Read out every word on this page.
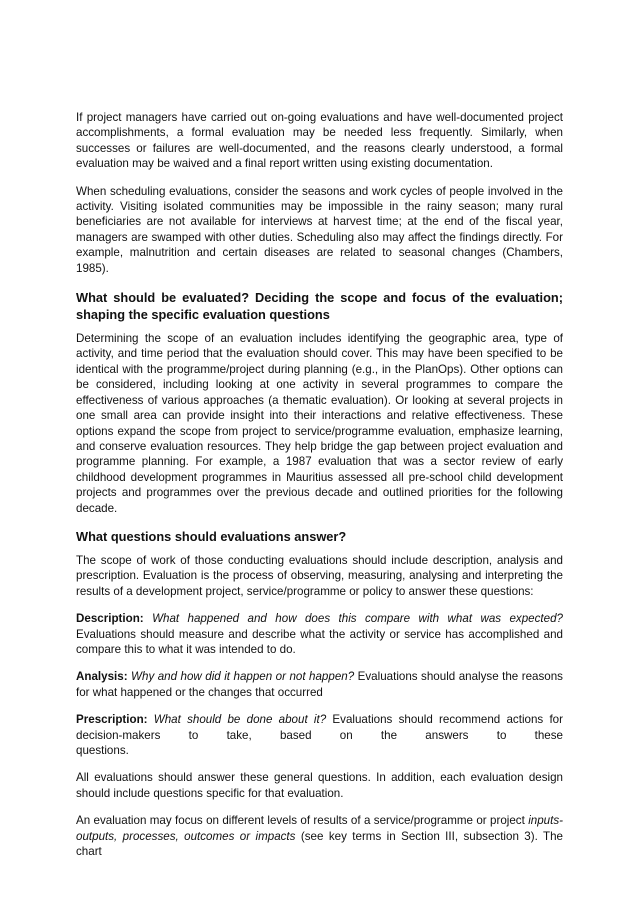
If project managers have carried out on-going evaluations and have well-documented project accomplishments, a formal evaluation may be needed less frequently. Similarly, when successes or failures are well-documented, and the reasons clearly understood, a formal evaluation may be waived and a final report written using existing documentation.

When scheduling evaluations, consider the seasons and work cycles of people involved in the activity. Visiting isolated communities may be impossible in the rainy season; many rural beneficiaries are not available for interviews at harvest time; at the end of the fiscal year, managers are swamped with other duties. Scheduling also may affect the findings directly. For example, malnutrition and certain diseases are related to seasonal changes (Chambers, 1985).

What should be evaluated? Deciding the scope and focus of the evaluation; shaping the specific evaluation questions

Determining the scope of an evaluation includes identifying the geographic area, type of activity, and time period that the evaluation should cover. This may have been specified to be identical with the programme/project during planning (e.g., in the PlanOps). Other options can be considered, including looking at one activity in several programmes to compare the effectiveness of various approaches (a thematic evaluation). Or looking at several projects in one small area can provide insight into their interactions and relative effectiveness. These options expand the scope from project to service/programme evaluation, emphasize learning, and conserve evaluation resources. They help bridge the gap between project evaluation and programme planning. For example, a 1987 evaluation that was a sector review of early childhood development programmes in Mauritius assessed all pre-school child development projects and programmes over the previous decade and outlined priorities for the following decade.

What questions should evaluations answer?

The scope of work of those conducting evaluations should include description, analysis and prescription. Evaluation is the process of observing, measuring, analysing and interpreting the results of a development project, service/programme or policy to answer these questions:

Description: What happened and how does this compare with what was expected? Evaluations should measure and describe what the activity or service has accomplished and compare this to what it was intended to do.

Analysis: Why and how did it happen or not happen? Evaluations should analyse the reasons for what happened or the changes that occurred

Prescription: What should be done about it? Evaluations should recommend actions for decision-makers to take, based on the answers to these
questions.

All evaluations should answer these general questions. In addition, each evaluation design should include questions specific for that evaluation.

An evaluation may focus on different levels of results of a service/programme or project inputs-outputs, processes, outcomes or impacts (see key terms in Section III, subsection 3). The chart
